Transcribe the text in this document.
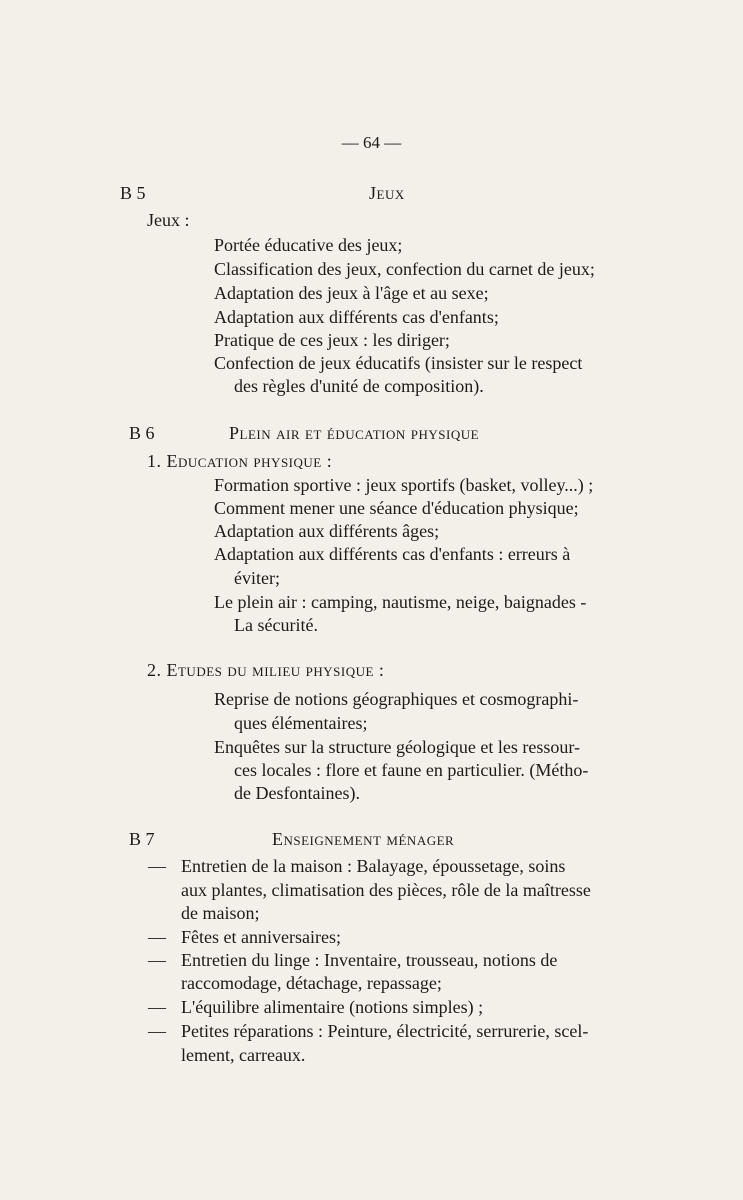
— 64 —
B 5	Jeux
Jeux :
Portée éducative des jeux;
Classification des jeux, confection du carnet de jeux;
Adaptation des jeux à l'âge et au sexe;
Adaptation aux différents cas d'enfants;
Pratique de ces jeux : les diriger;
Confection de jeux éducatifs (insister sur le respect
des règles d'unité de composition).
B 6	Plein air et éducation physique
1. Education physique :
Formation sportive : jeux sportifs (basket, volley...) ;
Comment mener une séance d'éducation physique;
Adaptation aux différents âges;
Adaptation aux différents cas d'enfants : erreurs à
éviter;
Le plein air : camping, nautisme, neige, baignades -
La sécurité.
2. Etudes du milieu physique :
Reprise de notions géographiques et cosmographi-
ques élémentaires;
Enquêtes sur la structure géologique et les ressour-
ces locales : flore et faune en particulier. (Métho-
de Desfontaines).
B 7	Enseignement ménager
— Entretien de la maison : Balayage, époussetage, soins
aux plantes, climatisation des pièces, rôle de la maîtresse
de maison;
— Fêtes et anniversaires;
— Entretien du linge : Inventaire, trousseau, notions de
raccomodage, détachage, repassage;
— L'équilibre alimentaire (notions simples) ;
— Petites réparations : Peinture, électricité, serrurerie, scel-
lement, carreaux.
